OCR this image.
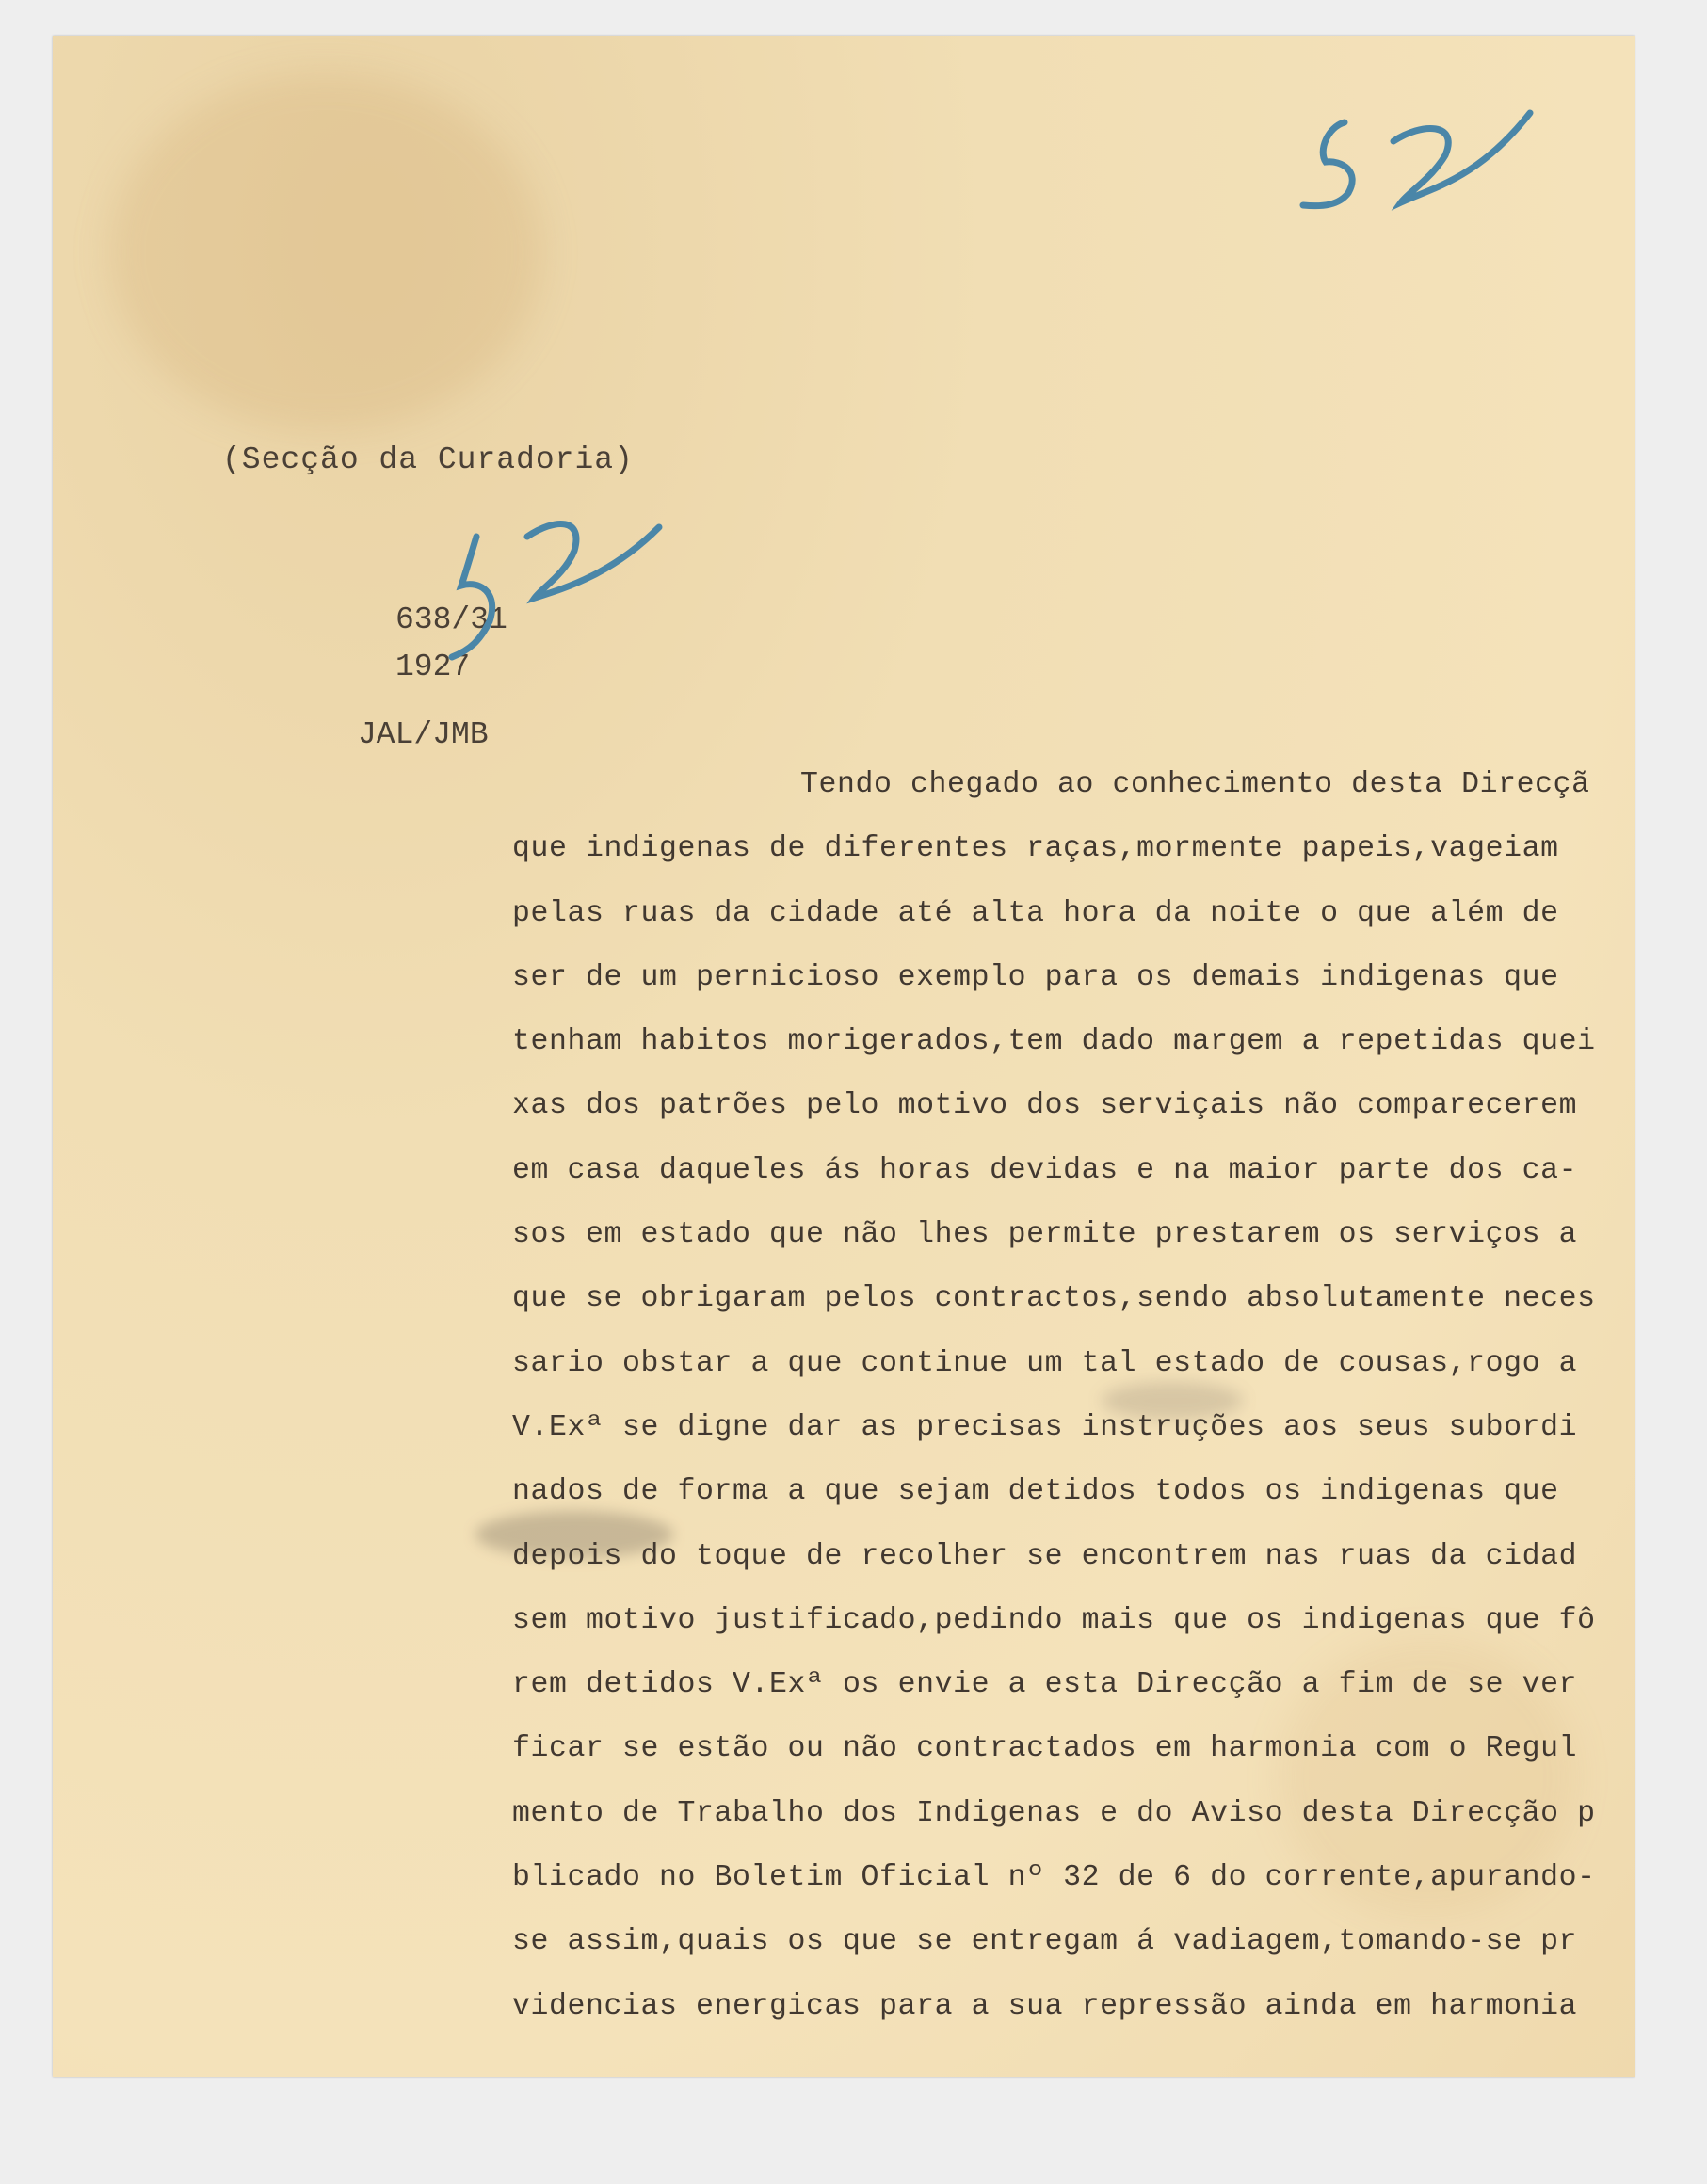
(Secção da Curadoria)
638/31
1927
JAL/JMB
Tendo chegado ao conhecimento desta Direcçã
que indigenas de diferentes raças,mormente papeis,vageiam
pelas ruas da cidade até alta hora da noite o que além de
ser de um pernicioso exemplo para os demais indigenas que
tenham habitos morigerados,tem dado margem a repetidas quei
xas dos patrões pelo motivo dos serviçais não comparecerem
em casa daqueles ás horas devidas e na maior parte dos ca-
sos em estado que não lhes permite prestarem os serviços a
que se obrigaram pelos contractos,sendo absolutamente neces
sario obstar a que continue um tal estado de cousas,rogo a
V.Exª se digne dar as precisas instruções aos seus subordi
nados de forma a que sejam detidos todos os indigenas que
depois do toque de recolher se encontrem nas ruas da cidad
sem motivo justificado,pedindo mais que os indigenas que fô
rem detidos V.Exª os envie a esta Direcção a fim de se ver
ficar se estão ou não contractados em harmonia com o Regul
mento de Trabalho dos Indigenas e do Aviso desta Direcção p
blicado no Boletim Oficial nº 32 de 6 do corrente,apurando-
se assim,quais os que se entregam á vadiagem,tomando-se pr
videncias energicas para a sua repressão ainda em harmonia
